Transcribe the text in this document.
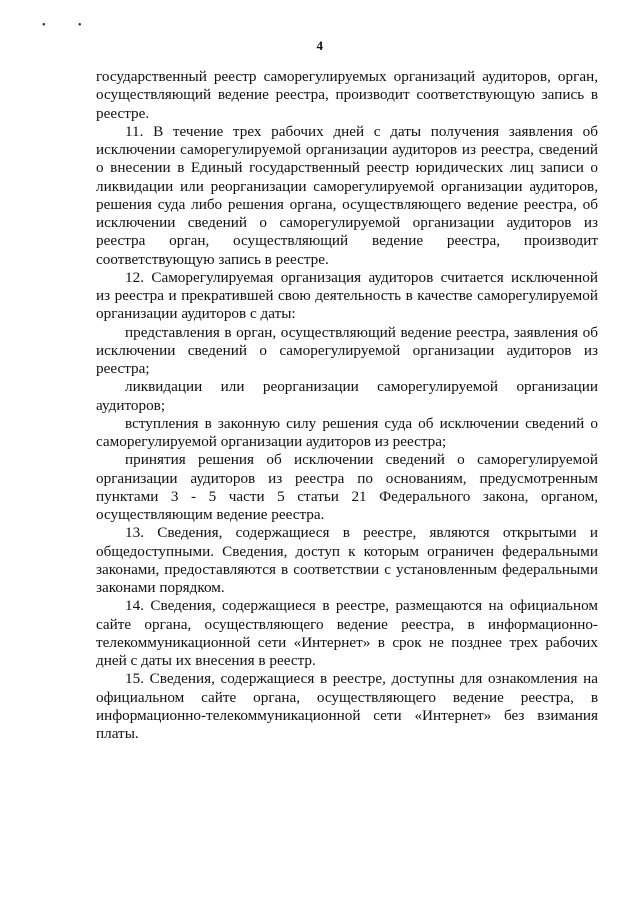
•	•
4

государственный реестр саморегулируемых организаций аудиторов, орган, осуществляющий ведение реестра, производит соответствующую запись в реестре.

11. В течение трех рабочих дней с даты получения заявления об исключении саморегулируемой организации аудиторов из реестра, сведений о внесении в Единый государственный реестр юридических лиц записи о ликвидации или реорганизации саморегулируемой организации аудиторов, решения суда либо решения органа, осуществляющего ведение реестра, об исключении сведений о саморегулируемой организации аудиторов из реестра орган, осуществляющий ведение реестра, производит соответствующую запись в реестре.

12. Саморегулируемая организация аудиторов считается исключенной из реестра и прекратившей свою деятельность в качестве саморегулируемой организации аудиторов с даты:

представления в орган, осуществляющий ведение реестра, заявления об исключении сведений о саморегулируемой организации аудиторов из реестра;

ликвидации или реорганизации саморегулируемой организации аудиторов;

вступления в законную силу решения суда об исключении сведений о саморегулируемой организации аудиторов из реестра;

принятия решения об исключении сведений о саморегулируемой организации аудиторов из реестра по основаниям, предусмотренным пунктами 3 - 5 части 5 статьи 21 Федерального закона, органом, осуществляющим ведение реестра.

13. Сведения, содержащиеся в реестре, являются открытыми и общедоступными. Сведения, доступ к которым ограничен федеральными законами, предоставляются в соответствии с установленным федеральными законами порядком.

14. Сведения, содержащиеся в реестре, размещаются на официальном сайте органа, осуществляющего ведение реестра, в информационно-телекоммуникационной сети «Интернет» в срок не позднее трех рабочих дней с даты их внесения в реестр.

15. Сведения, содержащиеся в реестре, доступны для ознакомления на официальном сайте органа, осуществляющего ведение реестра, в информационно-телекоммуникационной сети «Интернет» без взимания платы.
